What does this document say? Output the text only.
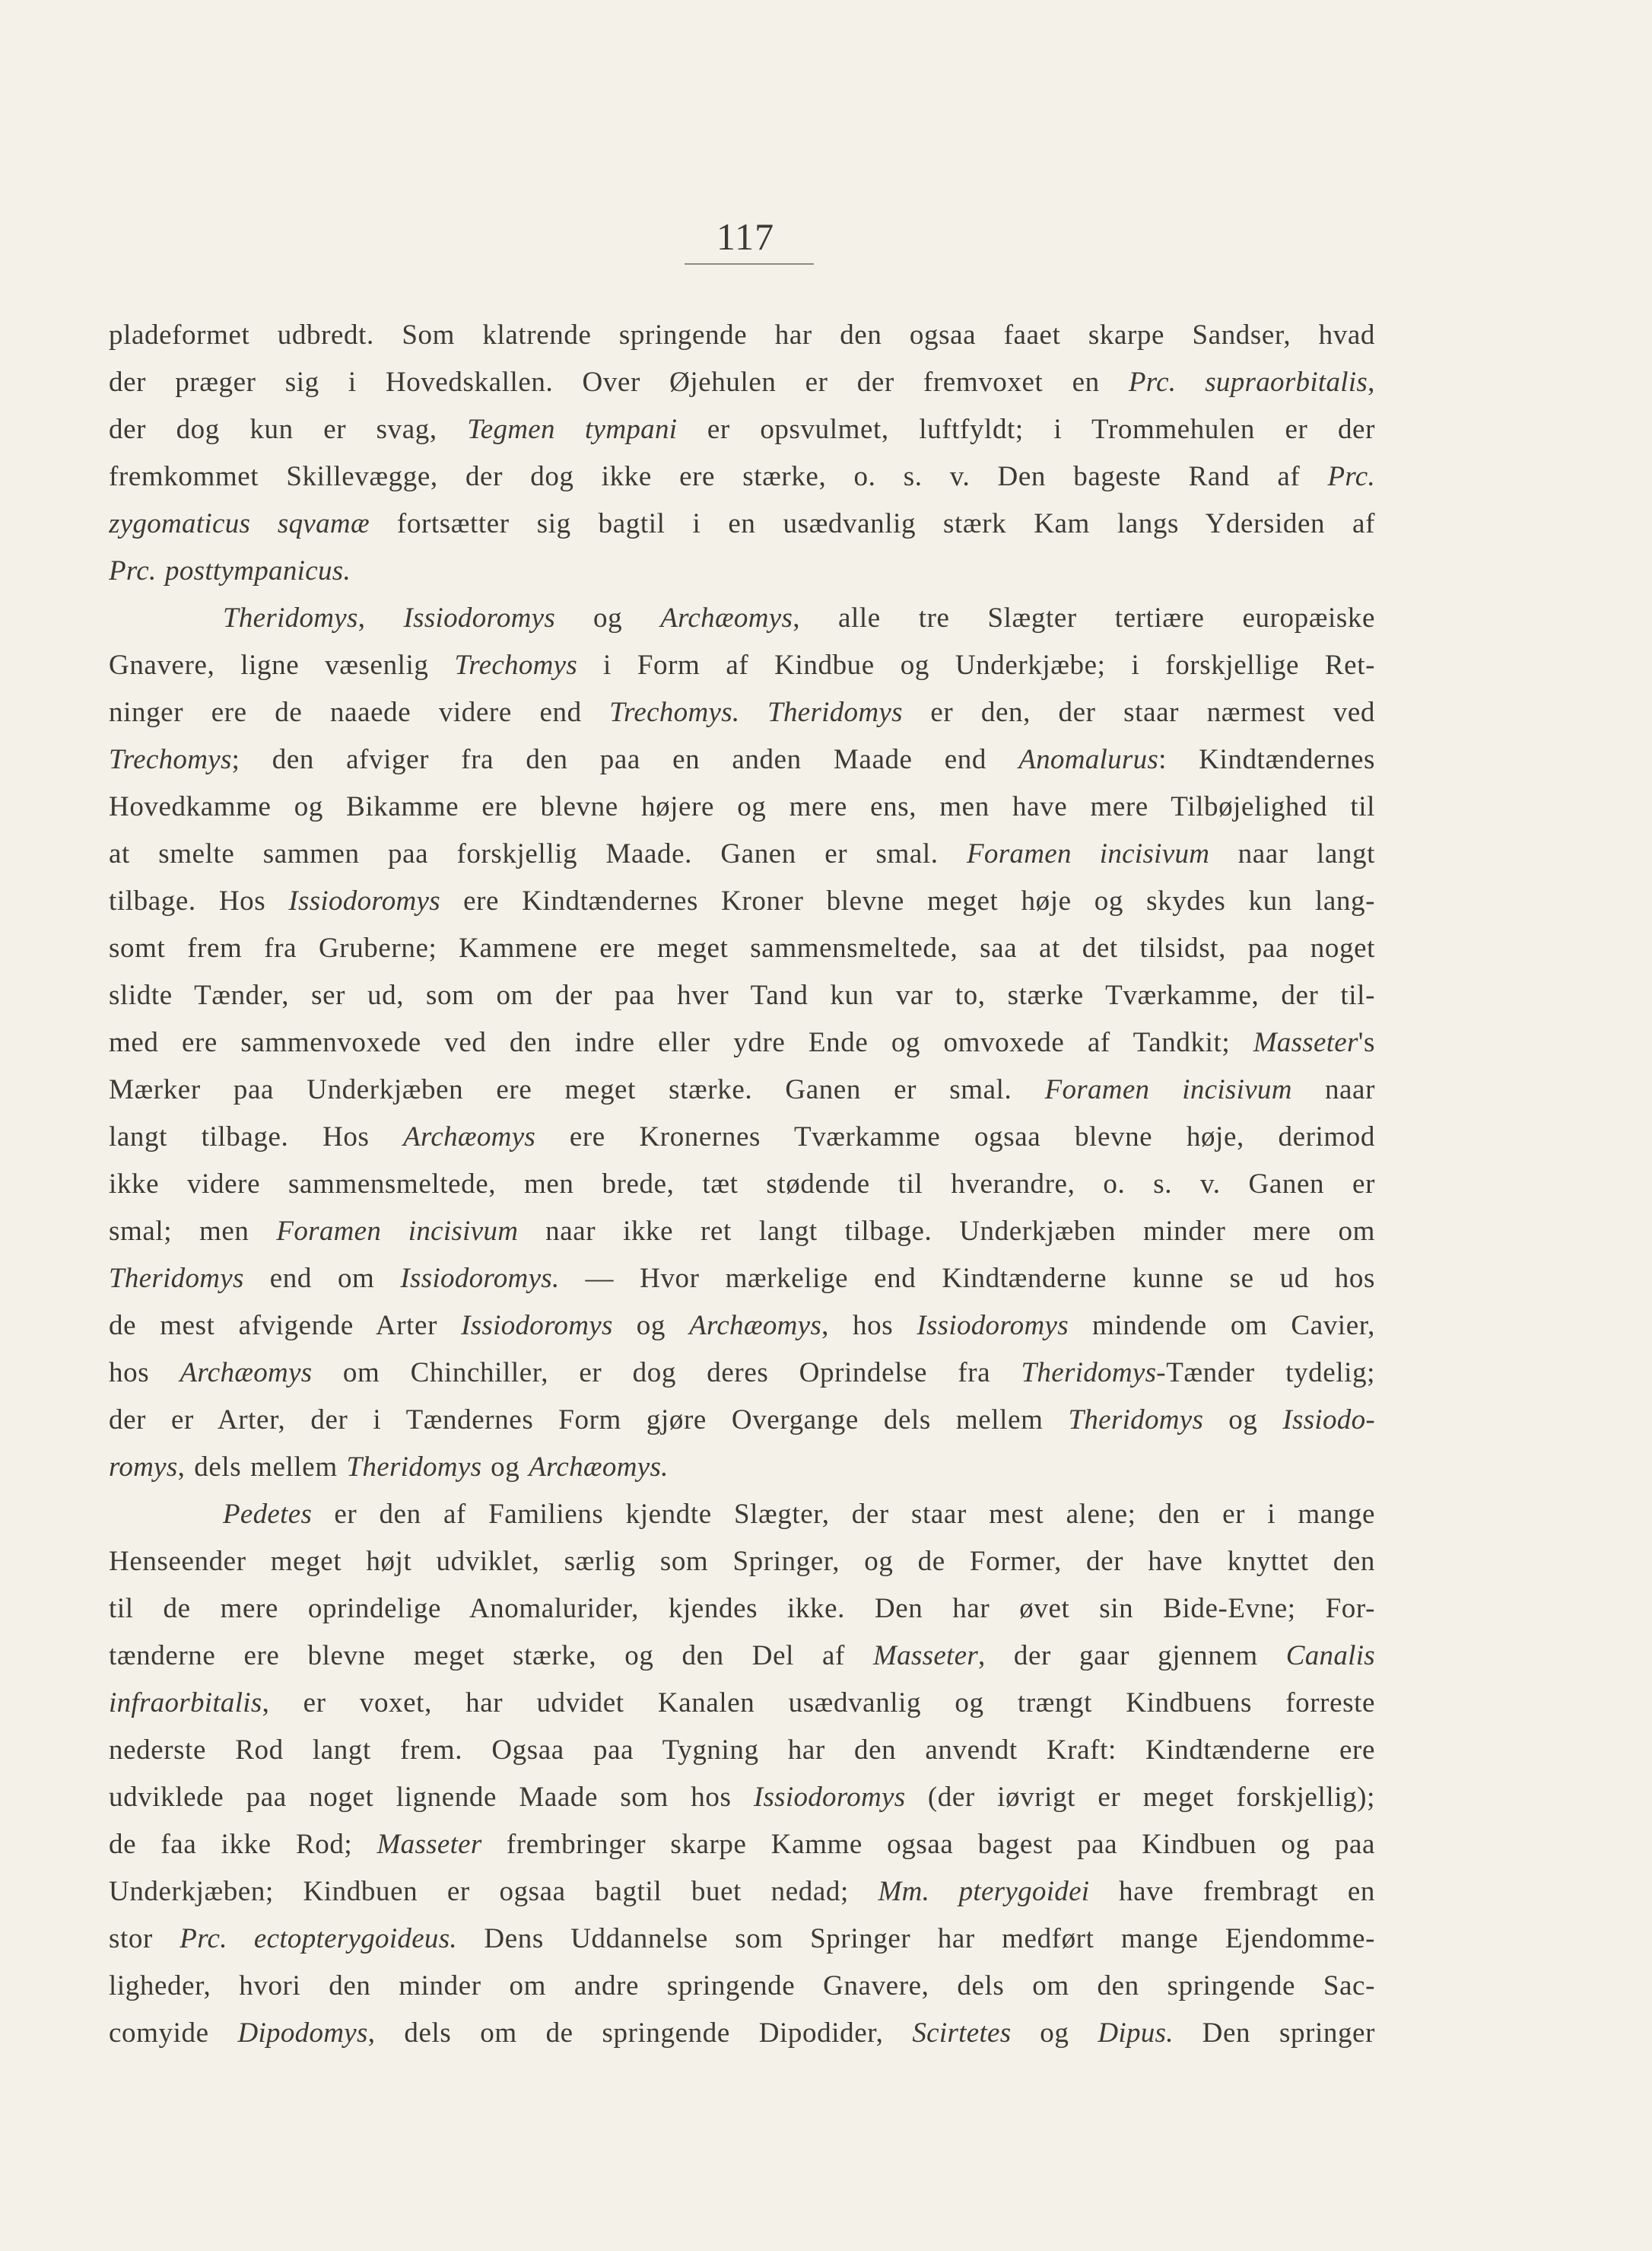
117
pladeformet udbredt. Som klatrende springende har den ogsaa faaet skarpe Sandser, hvad
der præger sig i Hovedskallen. Over Øjehulen er der fremvoxet en Prc. supraorbitalis,
der dog kun er svag, Tegmen tympani er opsvulmet, luftfyldt; i Trommehulen er der
fremkommet Skillevægge, der dog ikke ere stærke, o. s. v. Den bageste Rand af Prc.
zygomaticus sqvamæ fortsætter sig bagtil i en usædvanlig stærk Kam langs Ydersiden af
Prc. posttympanicus.
Theridomys, Issiodoromys og Archæomys, alle tre Slægter tertiære europæiske
Gnavere, ligne væsenlig Trechomys i Form af Kindbue og Underkjæbe; i forskjellige Ret-
ninger ere de naaede videre end Trechomys. Theridomys er den, der staar nærmest ved
Trechomys; den afviger fra den paa en anden Maade end Anomalurus: Kindtændernes
Hovedkamme og Bikamme ere blevne højere og mere ens, men have mere Tilbøjelighed til
at smelte sammen paa forskjellig Maade. Ganen er smal. Foramen incisivum naar langt
tilbage. Hos Issiodoromys ere Kindtændernes Kroner blevne meget høje og skydes kun lang-
somt frem fra Gruberne; Kammene ere meget sammensmeltede, saa at det tilsidst, paa noget
slidte Tænder, ser ud, som om der paa hver Tand kun var to, stærke Tværkamme, der til-
med ere sammenvoxede ved den indre eller ydre Ende og omvoxede af Tandkit; Masseter's
Mærker paa Underkjæben ere meget stærke. Ganen er smal. Foramen incisivum naar
langt tilbage. Hos Archæomys ere Kronernes Tværkamme ogsaa blevne høje, derimod
ikke videre sammensmeltede, men brede, tæt stødende til hverandre, o. s. v. Ganen er
smal; men Foramen incisivum naar ikke ret langt tilbage. Underkjæben minder mere om
Theridomys end om Issiodoromys. — Hvor mærkelige end Kindtænderne kunne se ud hos
de mest afvigende Arter Issiodoromys og Archæomys, hos Issiodoromys mindende om Cavier,
hos Archæomys om Chinchiller, er dog deres Oprindelse fra Theridomys-Tænder tydelig;
der er Arter, der i Tændernes Form gjøre Overgange dels mellem Theridomys og Issiodo-
romys, dels mellem Theridomys og Archæomys.
Pedetes er den af Familiens kjendte Slægter, der staar mest alene; den er i mange
Henseender meget højt udviklet, særlig som Springer, og de Former, der have knyttet den
til de mere oprindelige Anomalurider, kjendes ikke. Den har øvet sin Bide-Evne; For-
tænderne ere blevne meget stærke, og den Del af Masseter, der gaar gjennem Canalis
infraorbitalis, er voxet, har udvidet Kanalen usædvanlig og trængt Kindbuens forreste
nederste Rod langt frem. Ogsaa paa Tygning har den anvendt Kraft: Kindtænderne ere
udviklede paa noget lignende Maade som hos Issiodoromys (der iøvrigt er meget forskjellig);
de faa ikke Rod; Masseter frembringer skarpe Kamme ogsaa bagest paa Kindbuen og paa
Underkjæben; Kindbuen er ogsaa bagtil buet nedad; Mm. pterygoidei have frembragt en
stor Prc. ectopterygoideus. Dens Uddannelse som Springer har medført mange Ejendomme-
ligheder, hvori den minder om andre springende Gnavere, dels om den springende Sac-
comyide Dipodomys, dels om de springende Dipodider, Scirtetes og Dipus. Den springer
